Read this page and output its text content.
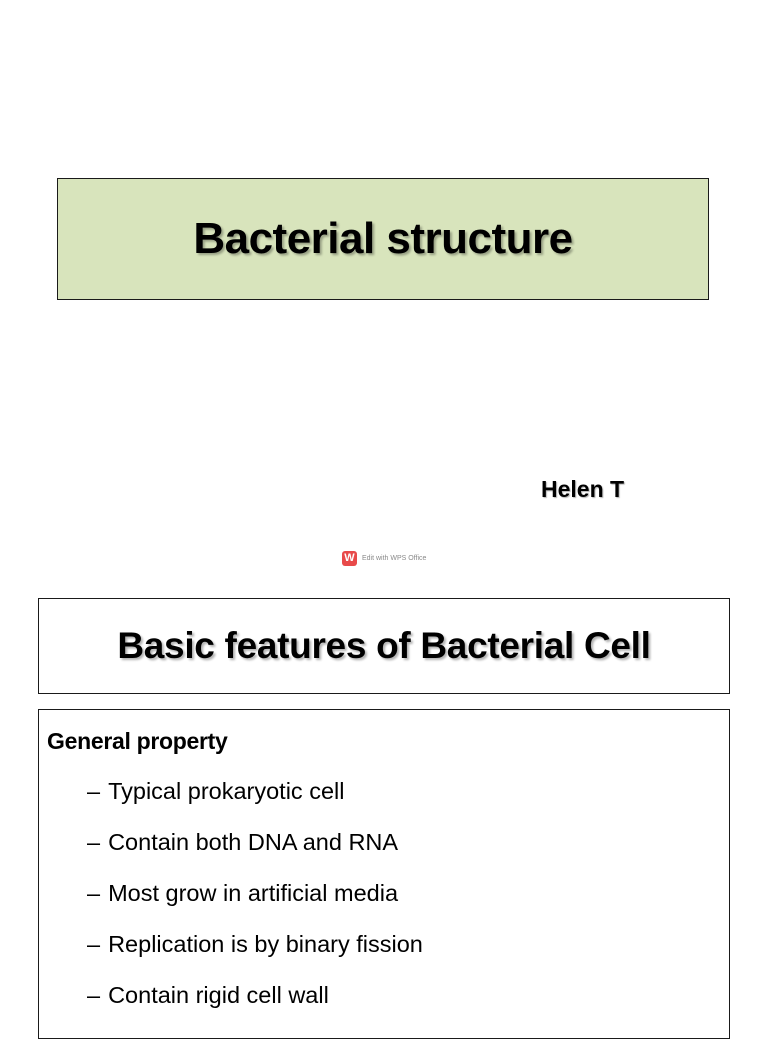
Bacterial structure
Helen T
W	Edit with WPS Office
Basic features of Bacterial Cell
General property
– Typical prokaryotic cell
– Contain both DNA and RNA
– Most grow in artificial media
– Replication is by binary fission
– Contain rigid cell wall
